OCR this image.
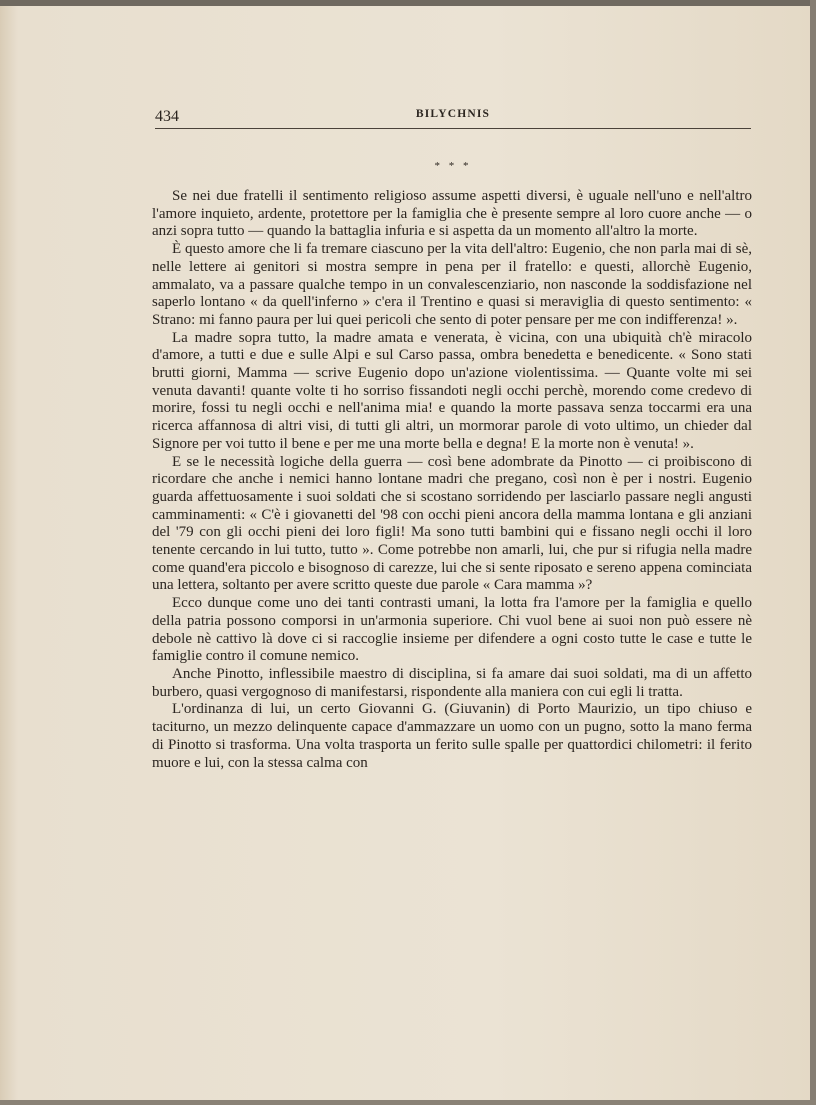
434	BILYCHNIS
* * *

Se nei due fratelli il sentimento religioso assume aspetti diversi, è uguale nell'uno e nell'altro l'amore inquieto, ardente, protettore per la famiglia che è presente sempre al loro cuore anche — o anzi sopra tutto — quando la battaglia infuria e si aspetta da un momento all'altro la morte.

È questo amore che li fa tremare ciascuno per la vita dell'altro: Eugenio, che non parla mai di sè, nelle lettere ai genitori si mostra sempre in pena per il fratello: e questi, allorchè Eugenio, ammalato, va a passare qualche tempo in un convalescenziario, non nasconde la soddisfazione nel saperlo lontano « da quell'inferno » c'era il Trentino e quasi si meraviglia di questo sentimento: « Strano: mi fanno paura per lui quei pericoli che sento di poter pensare per me con indifferenza! ».

La madre sopra tutto, la madre amata e venerata, è vicina, con una ubiquità ch'è miracolo d'amore, a tutti e due e sulle Alpi e sul Carso passa, ombra benedetta e benedicente. « Sono stati brutti giorni, Mamma — scrive Eugenio dopo un'azione violentissima. — Quante volte mi sei venuta davanti! quante volte ti ho sorriso fissandoti negli occhi perchè, morendo come credevo di morire, fossi tu negli occhi e nell'anima mia! e quando la morte passava senza toccarmi era una ricerca affannosa di altri visi, di tutti gli altri, un mormorar parole di voto ultimo, un chieder dal Signore per voi tutto il bene e per me una morte bella e degna! E la morte non è venuta! ».

E se le necessità logiche della guerra — così bene adombrate da Pinotto — ci proibiscono di ricordare che anche i nemici hanno lontane madri che pregano, così non è per i nostri. Eugenio guarda affettuosamente i suoi soldati che si scostano sorridendo per lasciarlo passare negli angusti camminamenti: « C'è i giovanetti del '98 con occhi pieni ancora della mamma lontana e gli anziani del '79 con gli occhi pieni dei loro figli! Ma sono tutti bambini qui e fissano negli occhi il loro tenente cercando in lui tutto, tutto ». Come potrebbe non amarli, lui, che pur si rifugia nella madre come quand'era piccolo e bisognoso di carezze, lui che si sente riposato e sereno appena cominciata una lettera, soltanto per avere scritto queste due parole « Cara mamma »?

Ecco dunque come uno dei tanti contrasti umani, la lotta fra l'amore per la famiglia e quello della patria possono comporsi in un'armonia superiore. Chi vuol bene ai suoi non può essere nè debole nè cattivo là dove ci si raccoglie insieme per difendere a ogni costo tutte le case e tutte le famiglie contro il comune nemico.

Anche Pinotto, inflessibile maestro di disciplina, si fa amare dai suoi soldati, ma di un affetto burbero, quasi vergognoso di manifestarsi, rispondente alla maniera con cui egli li tratta.

L'ordinanza di lui, un certo Giovanni G. (Giuvanin) di Porto Maurizio, un tipo chiuso e taciturno, un mezzo delinquente capace d'ammazzare un uomo con un pugno, sotto la mano ferma di Pinotto si trasforma. Una volta trasporta un ferito sulle spalle per quattordici chilometri: il ferito muore e lui, con la stessa calma con
